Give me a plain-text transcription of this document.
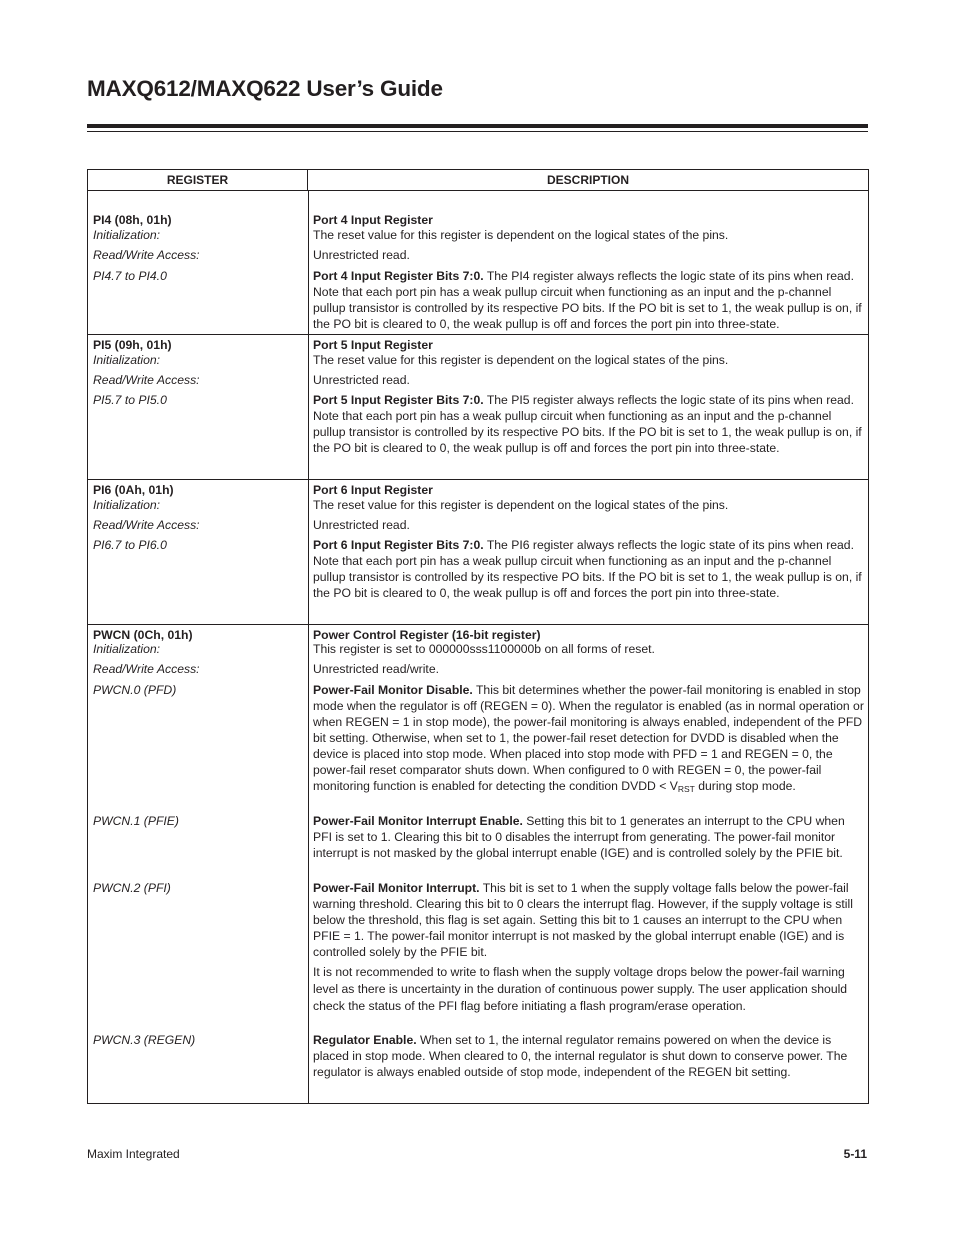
MAXQ612/MAXQ622 User’s Guide
REGISTER	DESCRIPTION
PI4 (08h, 01h)
Initialization:
Read/Write Access:
PI4.7 to PI4.0
Port 4 Input Register
The reset value for this register is dependent on the logical states of the pins.
Unrestricted read.
Port 4 Input Register Bits 7:0. The PI4 register always reflects the logic state of its pins when read. Note that each port pin has a weak pullup circuit when functioning as an input and the p-channel pullup transistor is controlled by its respective PO bits. If the PO bit is set to 1, the weak pullup is on, if the PO bit is cleared to 0, the weak pullup is off and forces the port pin into three-state.
PI5 (09h, 01h)
Initialization:
Read/Write Access:
PI5.7 to PI5.0
Port 5 Input Register
The reset value for this register is dependent on the logical states of the pins.
Unrestricted read.
Port 5 Input Register Bits 7:0. The PI5 register always reflects the logic state of its pins when read. Note that each port pin has a weak pullup circuit when functioning as an input and the p-channel pullup transistor is controlled by its respective PO bits. If the PO bit is set to 1, the weak pullup is on, if the PO bit is cleared to 0, the weak pullup is off and forces the port pin into three-state.
PI6 (0Ah, 01h)
Initialization:
Read/Write Access:
PI6.7 to PI6.0
Port 6 Input Register
The reset value for this register is dependent on the logical states of the pins.
Unrestricted read.
Port 6 Input Register Bits 7:0. The PI6 register always reflects the logic state of its pins when read. Note that each port pin has a weak pullup circuit when functioning as an input and the p-channel pullup transistor is controlled by its respective PO bits. If the PO bit is set to 1, the weak pullup is on, if the PO bit is cleared to 0, the weak pullup is off and forces the port pin into three-state.
PWCN (0Ch, 01h)
Initialization:
Read/Write Access:
PWCN.0 (PFD)
PWCN.1 (PFIE)
PWCN.2 (PFI)
PWCN.3 (REGEN)
Power Control Register (16-bit register)
This register is set to 000000sss1100000b on all forms of reset.
Unrestricted read/write.
Power-Fail Monitor Disable. This bit determines whether the power-fail monitoring is enabled in stop mode when the regulator is off (REGEN = 0). When the regulator is enabled (as in normal operation or when REGEN = 1 in stop mode), the power-fail monitoring is always enabled, independent of the PFD bit setting. Otherwise, when set to 1, the power-fail reset detection for DVDD is disabled when the device is placed into stop mode. When placed into stop mode with PFD = 1 and REGEN = 0, the power-fail reset comparator shuts down. When configured to 0 with REGEN = 0, the power-fail monitoring function is enabled for detecting the condition DVDD < $V_{RST}$ during stop mode.
Power-Fail Monitor Interrupt Enable. Setting this bit to 1 generates an interrupt to the CPU when PFI is set to 1. Clearing this bit to 0 disables the interrupt from generating. The power-fail monitor interrupt is not masked by the global interrupt enable (IGE) and is controlled solely by the PFIE bit.
Power-Fail Monitor Interrupt. This bit is set to 1 when the supply voltage falls below the power-fail warning threshold. Clearing this bit to 0 clears the interrupt flag. However, if the supply voltage is still below the threshold, this flag is set again. Setting this bit to 1 causes an interrupt to the CPU when PFIE = 1. The power-fail monitor interrupt is not masked by the global interrupt enable (IGE) and is controlled solely by the PFIE bit.
It is not recommended to write to flash when the supply voltage drops below the power-fail warning level as there is uncertainty in the duration of continuous power supply. The user application should check the status of the PFI flag before initiating a flash program/erase operation.
Regulator Enable. When set to 1, the internal regulator remains powered on when the device is placed in stop mode. When cleared to 0, the internal regulator is shut down to conserve power. The regulator is always enabled outside of stop mode, independent of the REGEN bit setting.
Maxim Integrated	5-11
